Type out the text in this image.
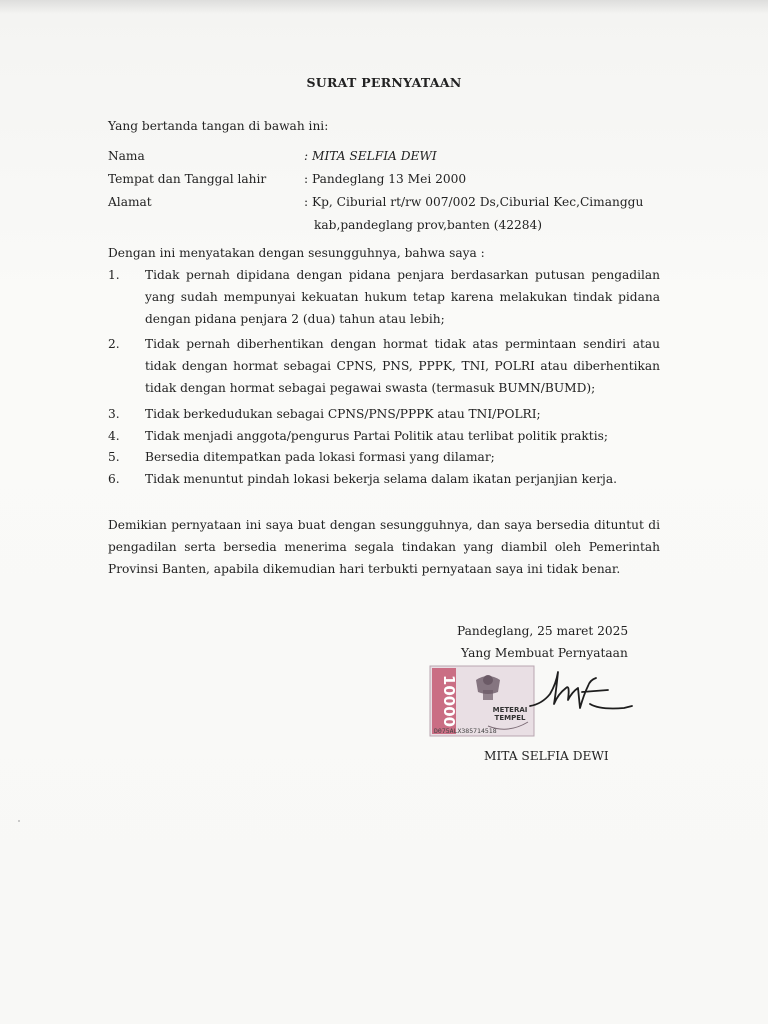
SURAT PERNYATAAN
Yang bertanda tangan di bawah ini:
Nama	: MITA SELFIA DEWI
Tempat dan Tanggal lahir	: Pandeglang 13 Mei 2000
Alamat	: Kp, Ciburial rt/rw 007/002 Ds,Ciburial Kec,Cimanggu
kab,pandeglang prov,banten (42284)
Dengan ini menyatakan dengan sesungguhnya, bahwa saya :
1.	Tidak pernah dipidana dengan pidana penjara berdasarkan putusan pengadilan yang sudah mempunyai kekuatan hukum tetap karena melakukan tindak pidana dengan pidana penjara 2 (dua) tahun atau lebih;
2.	Tidak pernah diberhentikan dengan hormat tidak atas permintaan sendiri atau tidak dengan hormat sebagai CPNS, PNS, PPPK, TNI, POLRI atau diberhentikan tidak dengan hormat sebagai pegawai swasta (termasuk BUMN/BUMD);
3.	Tidak berkedudukan sebagai CPNS/PNS/PPPK atau TNI/POLRI;
4.	Tidak menjadi anggota/pengurus Partai Politik atau terlibat politik praktis;
5.	Bersedia ditempatkan pada lokasi formasi yang dilamar;
6.	Tidak menuntut pindah lokasi bekerja selama dalam ikatan perjanjian kerja.
Demikian pernyataan ini saya buat dengan sesungguhnya, dan saya bersedia dituntut di pengadilan serta bersedia menerima segala tindakan yang diambil oleh Pemerintah Provinsi Banten, apabila dikemudian hari terbukti pernyataan saya ini tidak benar.
Pandeglang, 25 maret 2025
Yang Membuat Pernyataan
10000	METERAI
TEMPEL
D075ALX385714518
MITA SELFIA DEWI
